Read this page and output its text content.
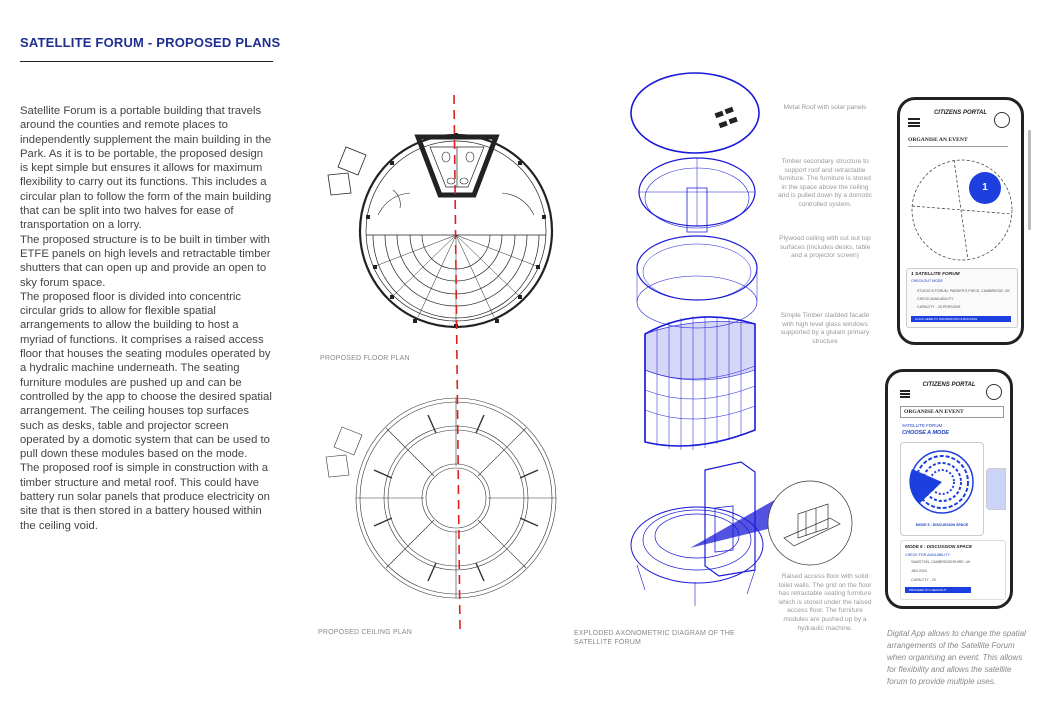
SATELLITE FORUM - PROPOSED PLANS

Satellite Forum is a portable building that travels around the counties and remote places to independently supplement the main building in the Park. As it is to be portable, the proposed design is kept simple but ensures it allows for maximum flexibility to carry out its functions. This includes a circular plan to follow the form of the main building that can be split into two halves for ease of transportation on a lorry.

The proposed structure is to be built in timber with ETFE panels on high levels and retractable timber shutters that can open up and provide an open to sky forum space.

The proposed floor is divided into concentric circular grids to allow for flexible spatial arrangements to allow the building to host a myriad of functions. It comprises a raised access floor that houses the seating modules operated by a hydralic machine underneath. The seating furniture modules are pushed up and can be controlled by the app to choose the desired spatial arrangement. The ceiling houses top surfaces such as desks, table and projector screen operated by a domotic system that can be used to pull down these modules based on the mode.

The proposed roof is simple in construction with a timber structure and metal roof. This could have battery run solar panels that produce electricity on site that is then stored in a battery housed within the ceiling void.

PROPOSED FLOOR PLAN
PROPOSED CEILING PLAN
Metal Roof with solar panels
Timber secondary structure to support roof and retractable furniture. The furniture is stored in the space above the ceiling and is pulled down by a domotic controlled system.
Plywood ceiling with cut out top surfaces (Includes desks, table and a projector screen)
Simple Timber cladded facade with high level glass windows supported by a glulam primary structure
Raised access floor with solid toilet walls. The grid on the floor has retractable seating furniture which is stored under the raised access floor. The furniture modules are pushed up by a hydraulic machine.
EXPLODED AXONOMETRIC DIAGRAM OF THE SATELLITE FORUM
CITIZENS PORTAL
ORGANISE AN EVENT
1
1 SATELLITE FORUM
CHECKOUT MODE
STUDIO 8 FORUM, PARKER'S PIECE, CAMBRIDGE, UK
CHECK AVAILABILITY
CAPACITY - 20 PERSONS
CLICK HERE TO INFORMATION & BOOKING
CITIZENS PORTAL
ORGANISE AN EVENT
SATELLITE FORUM
CHOOSE A MODE
MODE 5 : DISCUSSION SPACE
MODE 5 : DISCUSSION SPACE
CHECK FOR AVAILABILITY
SAWSTON, CAMBRIDGESHIRE, UK
JAN 2024
CAPACITY - 20
PROCEED TO CHECKOUT
Digital App allows to change the spatial arrangements of the Satellite Forum when organising an event. This allows for flexibility and allows the satellite forum to provide multiple uses.
